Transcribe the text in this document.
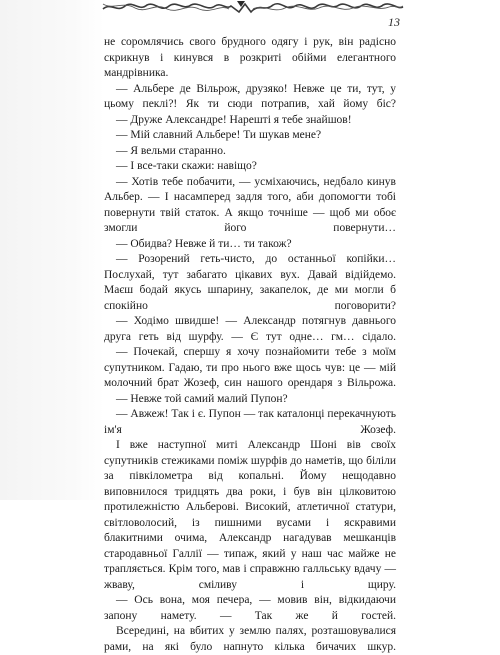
13

не соромлячись свого брудного одягу і рук, він радісно скрикнув і кинувся в розкриті обійми елегантного мандрівника.

— Альбере де Вільрож, друзяко! Невже це ти, тут, у цьому пеклі?! Як ти сюди потрапив, хай йому біс?

— Друже Александре! Нарешті я тебе знайшов!

— Мій славний Альбере! Ти шукав мене?

— Я вельми старанно.

— І все-таки скажи: навіщо?

— Хотів тебе побачити, — усміхаючись, недбало кинув Альбер. — І насамперед задля того, аби допомогти тобі повернути твій статок. А якщо точніше — щоб ми обоє змогли його повернути…

— Обидва? Невже й ти… ти також?

— Розорений геть-чисто, до останньої копійки… Послухай, тут забагато цікавих вух. Давай відійдемо. Маєш бодай якусь шпарину, закапелок, де ми могли б спокійно поговорити?

— Ходімо швидше! — Александр потягнув давнього друга геть від шурфу. — Є тут одне… гм… сідало.

— Почекай, спершу я хочу познайомити тебе з моїм супутником. Гадаю, ти про нього вже щось чув: це — мій молочний брат Жозеф, син нашого орендаря з Вільрожа.

— Невже той самий малий Пупон?

— Авжеж! Так і є. Пупон — так каталонці перекачнують ім'я Жозеф.

І вже наступної миті Александр Шоні вів своїх супутників стежиками поміж шурфів до наметів, що біліли за півкілометра від копальні. Йому нещодавно виповнилося тридцять два роки, і був він цілковитою протилежністю Альберові. Високий, атлетичної статури, світловолосий, із пишними вусами і яскравими блакитними очима, Александр нагадував мешканців стародавньої Галлії — типаж, який у наш час майже не трапляється. Крім того, мав і справжню галльську вдачу — жваву, сміливу і щиру.

— Ось вона, моя печера, — мовив він, відкидаючи запону намету. — Так же й гостей.

Всередині, на вбитих у землю палях, розташовувалися рами, на які було напнуто кілька бичачих шкур.
